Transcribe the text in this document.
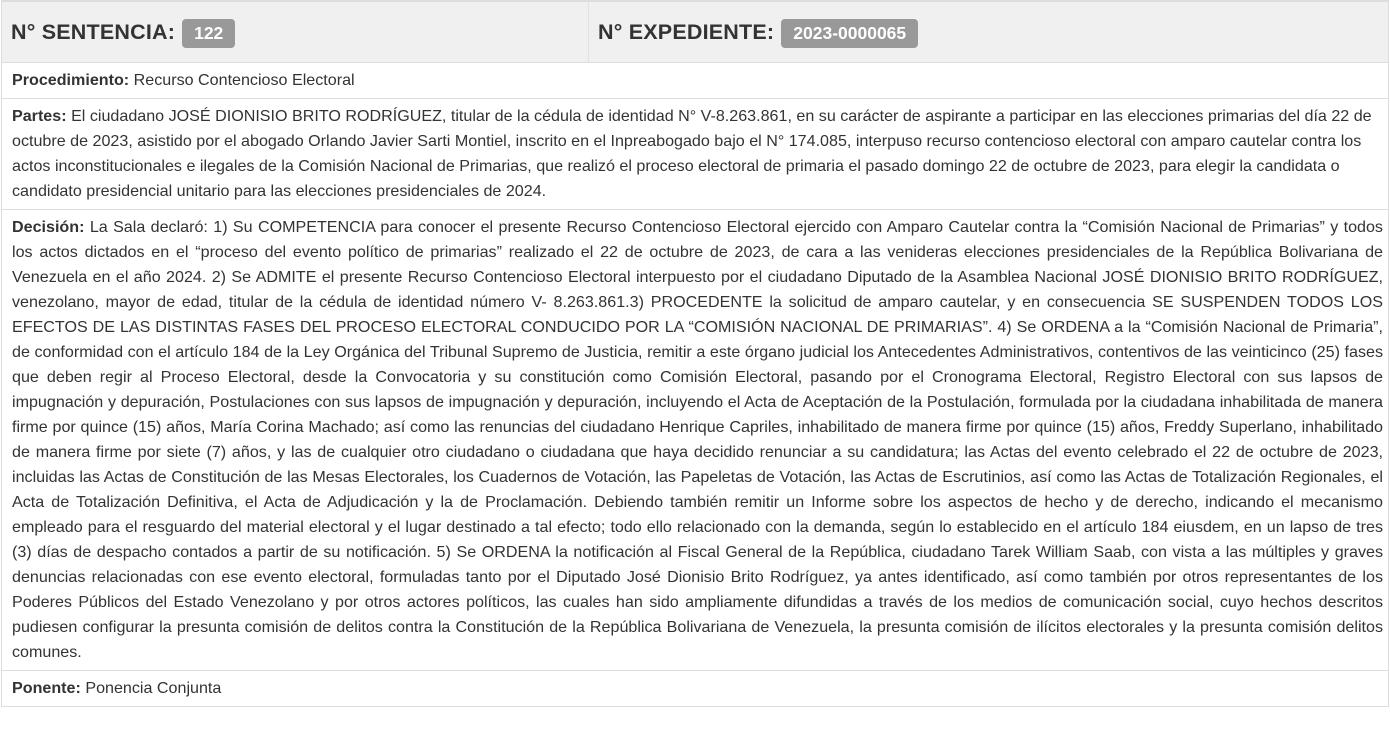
N° SENTENCIA:	122	N° EXPEDIENTE:	2023-0000065
Procedimiento: Recurso Contencioso Electoral
Partes: El ciudadano JOSÉ DIONISIO BRITO RODRÍGUEZ, titular de la cédula de identidad N° V-8.263.861, en su carácter de aspirante a participar en las elecciones primarias del día 22 de octubre de 2023, asistido por el abogado Orlando Javier Sarti Montiel, inscrito en el Inpreabogado bajo el N° 174.085, interpuso recurso contencioso electoral con amparo cautelar contra los actos inconstitucionales e ilegales de la Comisión Nacional de Primarias, que realizó el proceso electoral de primaria el pasado domingo 22 de octubre de 2023, para elegir la candidata o candidato presidencial unitario para las elecciones presidenciales de 2024.
Decisión: La Sala declaró: 1) Su COMPETENCIA para conocer el presente Recurso Contencioso Electoral ejercido con Amparo Cautelar contra la “Comisión Nacional de Primarias” y todos los actos dictados en el “proceso del evento político de primarias” realizado el 22 de octubre de 2023, de cara a las venideras elecciones presidenciales de la República Bolivariana de Venezuela en el año 2024. 2) Se ADMITE el presente Recurso Contencioso Electoral interpuesto por el ciudadano Diputado de la Asamblea Nacional JOSÉ DIONISIO BRITO RODRÍGUEZ, venezolano, mayor de edad, titular de la cédula de identidad número V- 8.263.861.3) PROCEDENTE la solicitud de amparo cautelar, y en consecuencia SE SUSPENDEN TODOS LOS EFECTOS DE LAS DISTINTAS FASES DEL PROCESO ELECTORAL CONDUCIDO POR LA “COMISIÓN NACIONAL DE PRIMARIAS”. 4) Se ORDENA a la “Comisión Nacional de Primaria”, de conformidad con el artículo 184 de la Ley Orgánica del Tribunal Supremo de Justicia, remitir a este órgano judicial los Antecedentes Administrativos, contentivos de las veinticinco (25) fases que deben regir al Proceso Electoral, desde la Convocatoria y su constitución como Comisión Electoral, pasando por el Cronograma Electoral, Registro Electoral con sus lapsos de impugnación y depuración, Postulaciones con sus lapsos de impugnación y depuración, incluyendo el Acta de Aceptación de la Postulación, formulada por la ciudadana inhabilitada de manera firme por quince (15) años, María Corina Machado; así como las renuncias del ciudadano Henrique Capriles, inhabilitado de manera firme por quince (15) años, Freddy Superlano, inhabilitado de manera firme por siete (7) años, y las de cualquier otro ciudadano o ciudadana que haya decidido renunciar a su candidatura; las Actas del evento celebrado el 22 de octubre de 2023, incluidas las Actas de Constitución de las Mesas Electorales, los Cuadernos de Votación, las Papeletas de Votación, las Actas de Escrutinios, así como las Actas de Totalización Regionales, el Acta de Totalización Definitiva, el Acta de Adjudicación y la de Proclamación. Debiendo también remitir un Informe sobre los aspectos de hecho y de derecho, indicando el mecanismo empleado para el resguardo del material electoral y el lugar destinado a tal efecto; todo ello relacionado con la demanda, según lo establecido en el artículo 184 eiusdem, en un lapso de tres (3) días de despacho contados a partir de su notificación. 5) Se ORDENA la notificación al Fiscal General de la República, ciudadano Tarek William Saab, con vista a las múltiples y graves denuncias relacionadas con ese evento electoral, formuladas tanto por el Diputado José Dionisio Brito Rodríguez, ya antes identificado, así como también por otros representantes de los Poderes Públicos del Estado Venezolano y por otros actores políticos, las cuales han sido ampliamente difundidas a través de los medios de comunicación social, cuyo hechos descritos pudiesen configurar la presunta comisión de delitos contra la Constitución de la República Bolivariana de Venezuela, la presunta comisión de ilícitos electorales y la presunta comisión delitos comunes.
Ponente: Ponencia Conjunta
